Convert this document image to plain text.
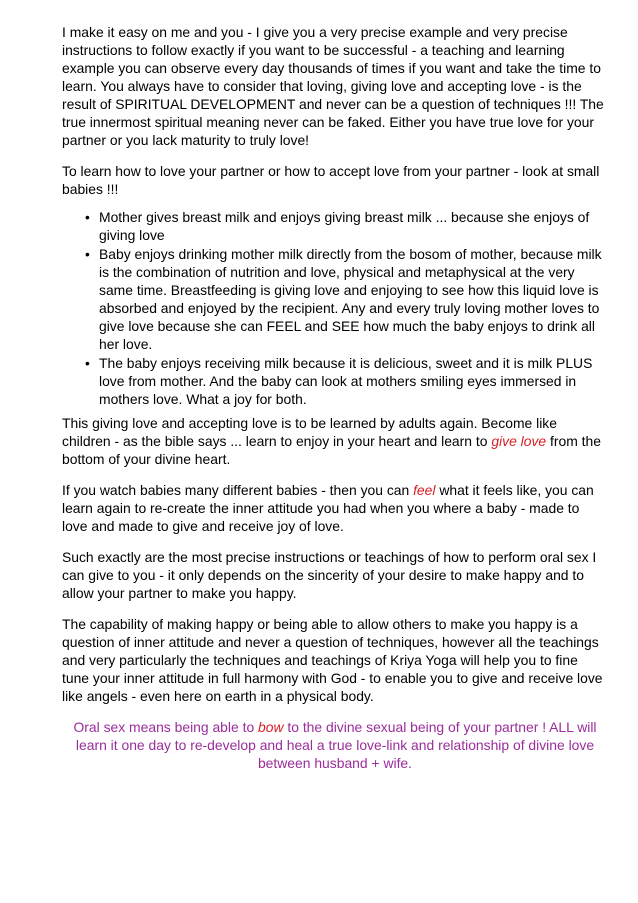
I make it easy on me and you - I give you a very precise example and very precise instructions to follow exactly if you want to be successful - a teaching and learning example you can observe every day thousands of times if you want and take the time to learn. You always have to consider that loving, giving love and accepting love - is the result of SPIRITUAL DEVELOPMENT and never can be a question of techniques !!! The true innermost spiritual meaning never can be faked. Either you have true love for your partner or you lack maturity to truly love!

To learn how to love your partner or how to accept love from your partner - look at small babies !!!

• Mother gives breast milk and enjoys giving breast milk ... because she enjoys of giving love
• Baby enjoys drinking mother milk directly from the bosom of mother, because milk is the combination of nutrition and love, physical and metaphysical at the very same time. Breastfeeding is giving love and enjoying to see how this liquid love is absorbed and enjoyed by the recipient. Any and every truly loving mother loves to give love because she can FEEL and SEE how much the baby enjoys to drink all her love.
• The baby enjoys receiving milk because it is delicious, sweet and it is milk PLUS love from mother. And the baby can look at mothers smiling eyes immersed in mothers love. What a joy for both.

This giving love and accepting love is to be learned by adults again. Become like children - as the bible says ... learn to enjoy in your heart and learn to give love from the bottom of your divine heart.

If you watch babies many different babies - then you can feel what it feels like, you can learn again to re-create the inner attitude you had when you where a baby - made to love and made to give and receive joy of love.

Such exactly are the most precise instructions or teachings of how to perform oral sex I can give to you - it only depends on the sincerity of your desire to make happy and to allow your partner to make you happy.

The capability of making happy or being able to allow others to make you happy is a question of inner attitude and never a question of techniques, however all the teachings and very particularly the techniques and teachings of Kriya Yoga will help you to fine tune your inner attitude in full harmony with God - to enable you to give and receive love like angels - even here on earth in a physical body.

Oral sex means being able to bow to the divine sexual being of your partner ! ALL will learn it one day to re-develop and heal a true love-link and relationship of divine love between husband + wife.
